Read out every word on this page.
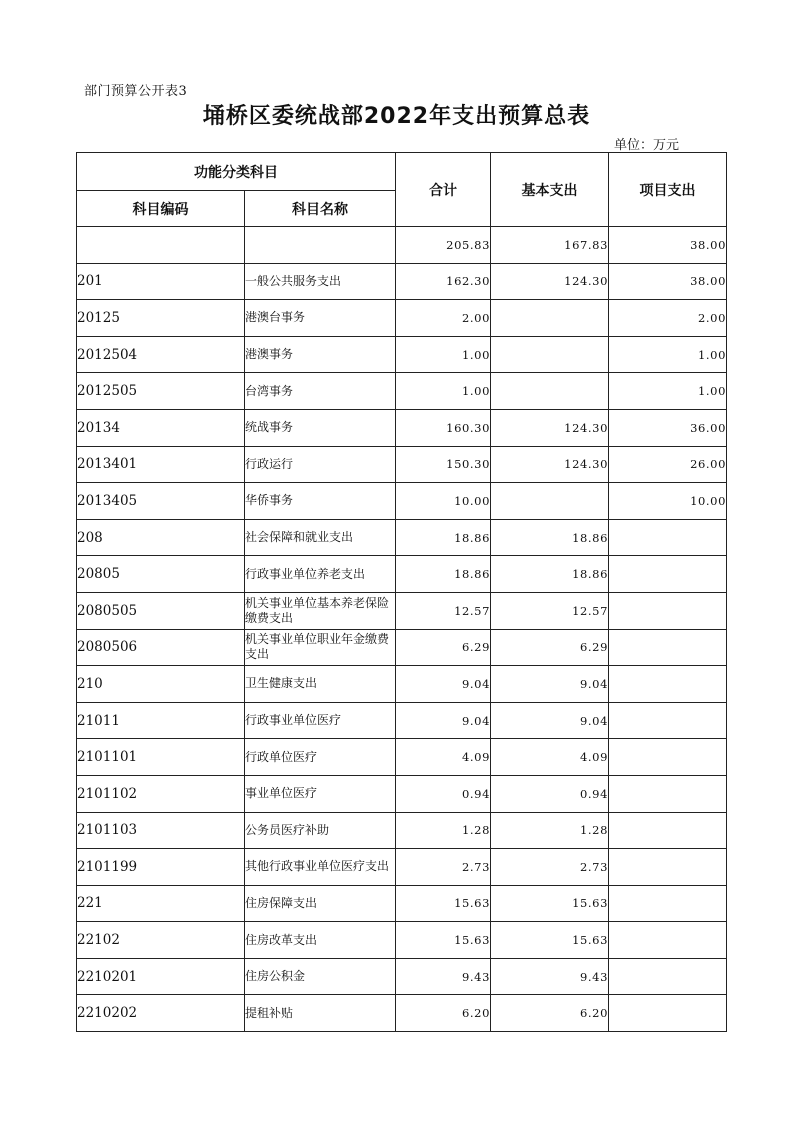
部门预算公开表3
埇桥区委统战部2022年支出预算总表
单位：万元
功能分类科目		合计	基本支出	项目支出
科目编码	科目名称			
		205.83	167.83	38.00
201	一般公共服务支出	162.30	124.30	38.00
20125	港澳台事务	2.00		2.00
2012504	港澳事务	1.00		1.00
2012505	台湾事务	1.00		1.00
20134	统战事务	160.30	124.30	36.00
2013401	行政运行	150.30	124.30	26.00
2013405	华侨事务	10.00		10.00
208	社会保障和就业支出	18.86	18.86	
20805	行政事业单位养老支出	18.86	18.86	
2080505	机关事业单位基本养老保险缴费支出	12.57	12.57	
2080506	机关事业单位职业年金缴费支出	6.29	6.29	
210	卫生健康支出	9.04	9.04	
21011	行政事业单位医疗	9.04	9.04	
2101101	行政单位医疗	4.09	4.09	
2101102	事业单位医疗	0.94	0.94	
2101103	公务员医疗补助	1.28	1.28	
2101199	其他行政事业单位医疗支出	2.73	2.73	
221	住房保障支出	15.63	15.63	
22102	住房改革支出	15.63	15.63	
2210201	住房公积金	9.43	9.43	
2210202	提租补贴	6.20	6.20	
